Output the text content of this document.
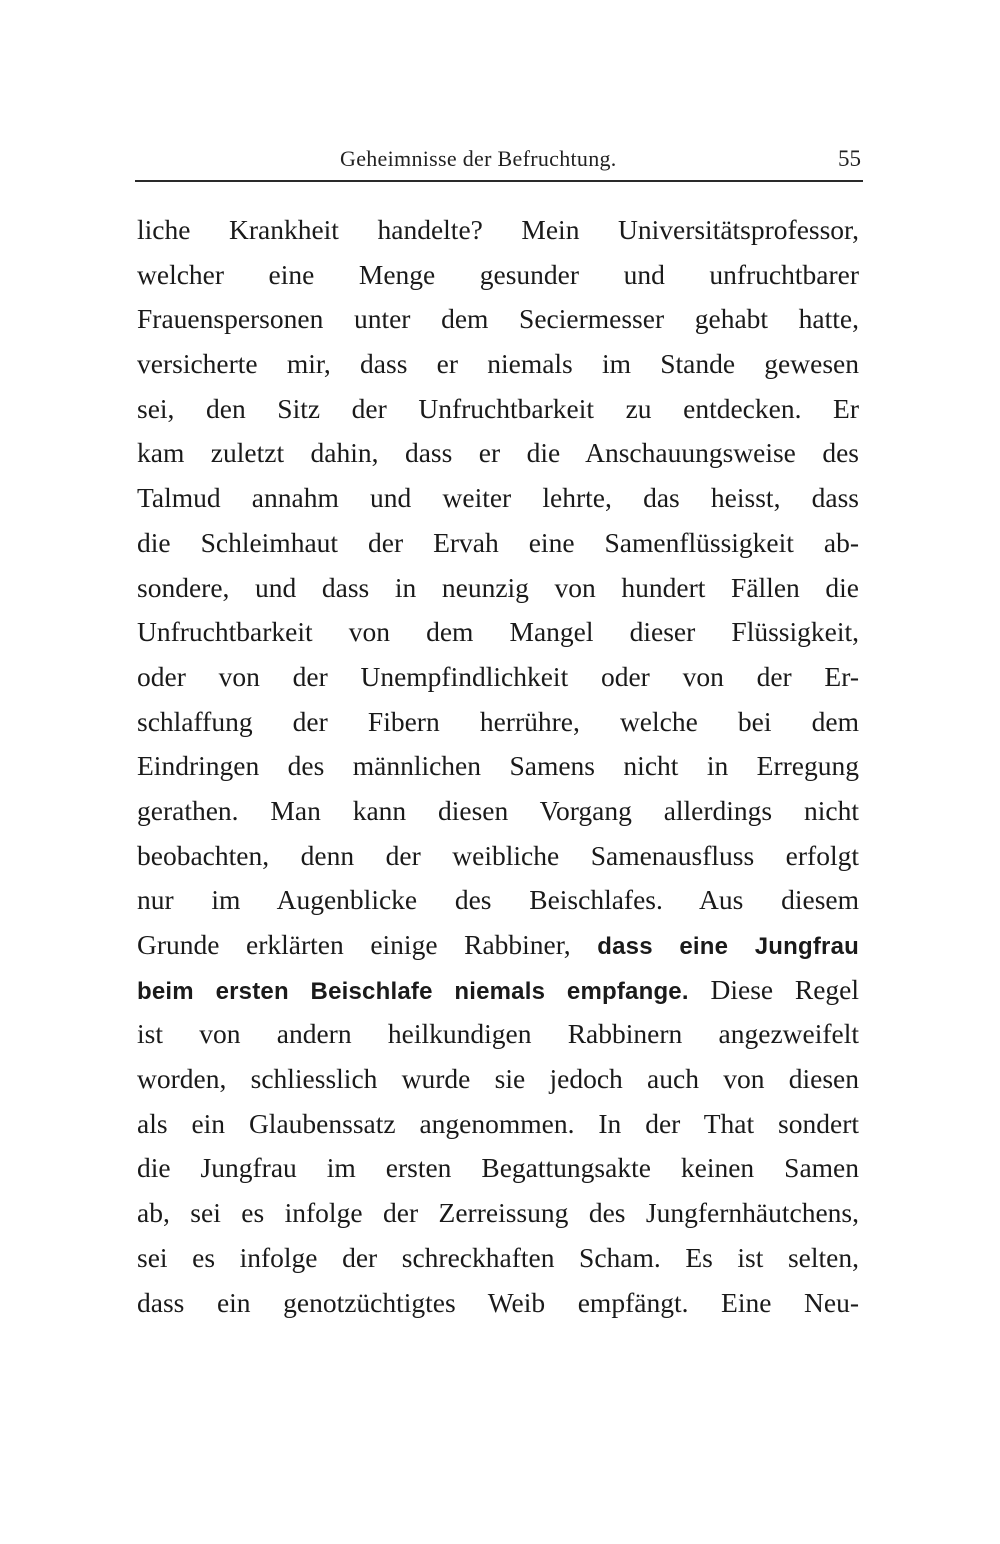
Geheimnisse der Befruchtung.	55
liche Krankheit handelte? Mein Universitätsprofessor,
welcher eine Menge gesunder und unfruchtbarer
Frauenspersonen unter dem Seciermesser gehabt hatte,
versicherte mir, dass er niemals im Stande gewesen
sei, den Sitz der Unfruchtbarkeit zu entdecken. Er
kam zuletzt dahin, dass er die Anschauungsweise des
Talmud annahm und weiter lehrte, das heisst, dass
die Schleimhaut der Ervah eine Samenflüssigkeit ab-
sondere, und dass in neunzig von hundert Fällen die
Unfruchtbarkeit von dem Mangel dieser Flüssigkeit,
oder von der Unempfindlichkeit oder von der Er-
schlaffung der Fibern herrühre, welche bei dem
Eindringen des männlichen Samens nicht in Erregung
gerathen. Man kann diesen Vorgang allerdings nicht
beobachten, denn der weibliche Samenausfluss erfolgt
nur im Augenblicke des Beischlafes. Aus diesem
Grunde erklärten einige Rabbiner, dass eine Jungfrau
beim ersten Beischlafe niemals empfange. Diese Regel
ist von andern heilkundigen Rabbinern angezweifelt
worden, schliesslich wurde sie jedoch auch von diesen
als ein Glaubenssatz angenommen. In der That sondert
die Jungfrau im ersten Begattungsakte keinen Samen
ab, sei es infolge der Zerreissung des Jungfernhäutchens,
sei es infolge der schreckhaften Scham. Es ist selten,
dass ein genotzüchtigtes Weib empfängt. Eine Neu-
